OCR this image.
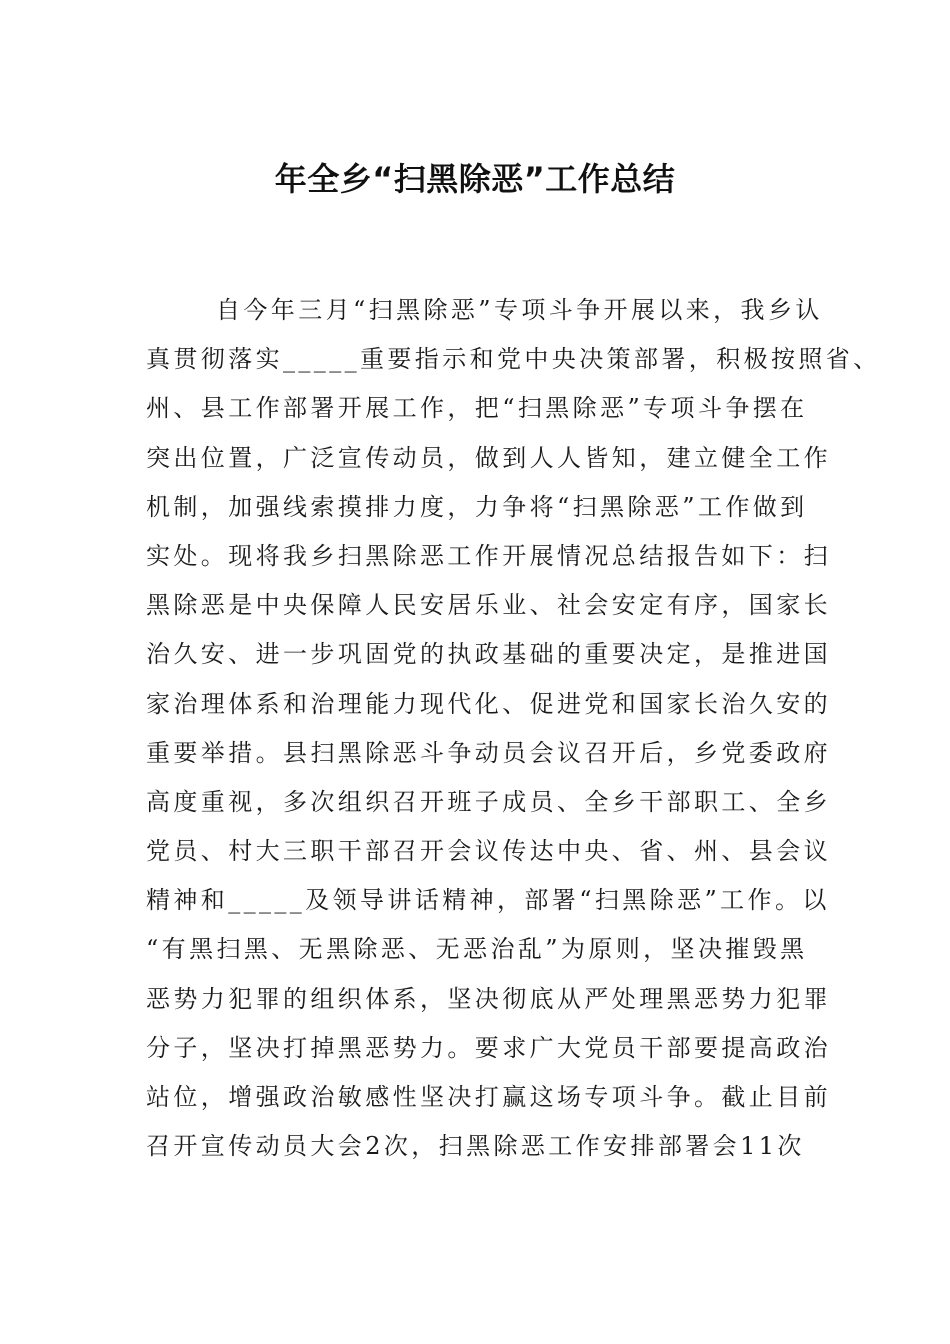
年全乡“扫黑除恶”工作总结
自今年三月“扫黑除恶”专项斗争开展以来，我乡认
真贯彻落实_____重要指示和党中央决策部署，积极按照省、
州、县工作部署开展工作，把“扫黑除恶”专项斗争摆在
突出位置，广泛宣传动员，做到人人皆知，建立健全工作
机制，加强线索摸排力度，力争将“扫黑除恶”工作做到
实处。现将我乡扫黑除恶工作开展情况总结报告如下：扫
黑除恶是中央保障人民安居乐业、社会安定有序，国家长
治久安、进一步巩固党的执政基础的重要决定，是推进国
家治理体系和治理能力现代化、促进党和国家长治久安的
重要举措。县扫黑除恶斗争动员会议召开后，乡党委政府
高度重视，多次组织召开班子成员、全乡干部职工、全乡
党员、村大三职干部召开会议传达中央、省、州、县会议
精神和_____及领导讲话精神，部署“扫黑除恶”工作。以
“有黑扫黑、无黑除恶、无恶治乱”为原则，坚决摧毁黑
恶势力犯罪的组织体系，坚决彻底从严处理黑恶势力犯罪
分子，坚决打掉黑恶势力。要求广大党员干部要提高政治
站位，增强政治敏感性坚决打赢这场专项斗争。截止目前
召开宣传动员大会2次，扫黑除恶工作安排部署会11次
